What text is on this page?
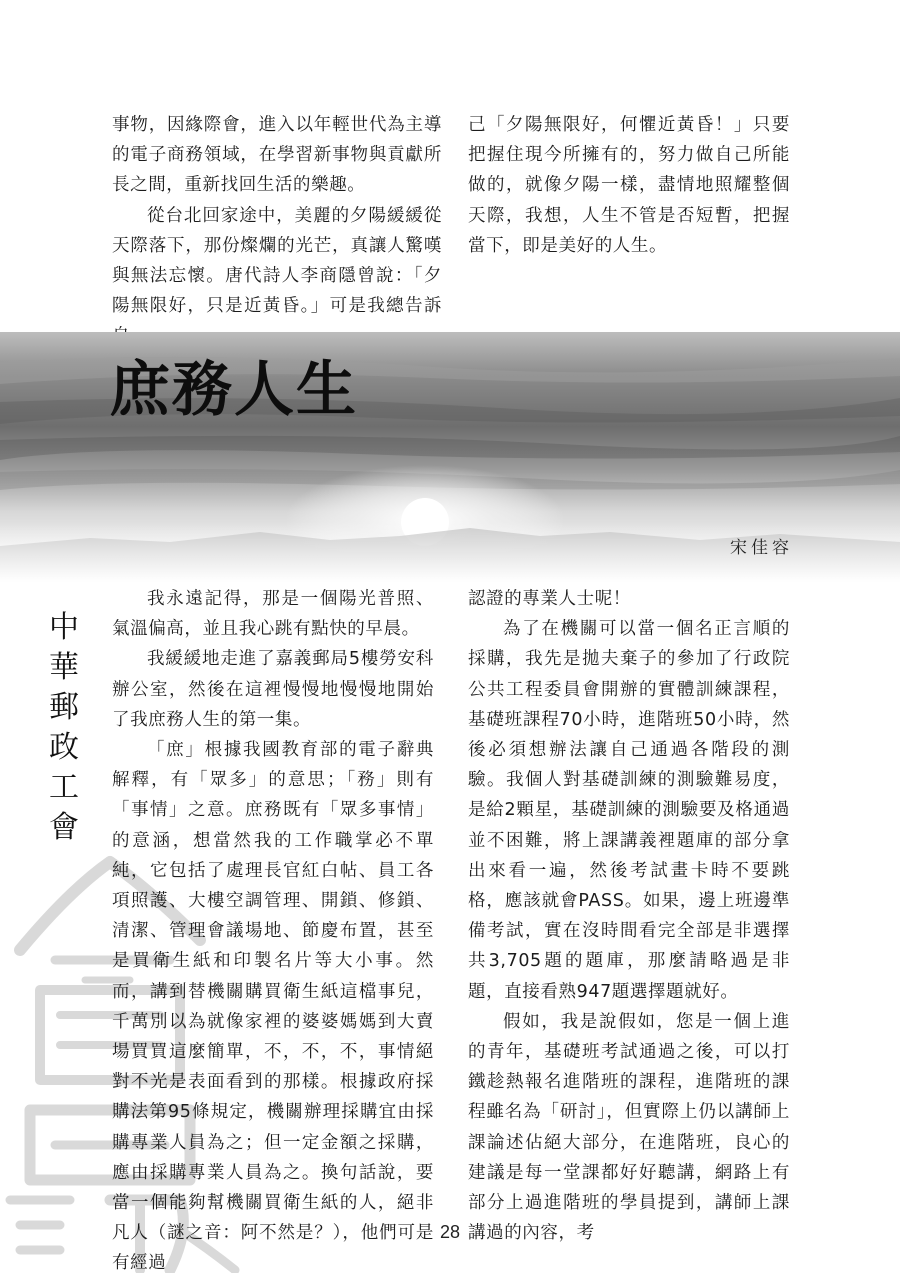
事物，因緣際會，進入以年輕世代為主導的電子商務領域，在學習新事物與貢獻所長之間，重新找回生活的樂趣。

從台北回家途中，美麗的夕陽緩緩從天際落下，那份燦爛的光芒，真讓人驚嘆與無法忘懷。唐代詩人李商隱曾說：「夕陽無限好，只是近黃昏。」可是我總告訴

己「夕陽無限好，何懼近黃昏！」只要把握住現今所擁有的，努力做自己所能做的，就像夕陽一樣，盡情地照耀整個天際，我想，人生不管是否短暫，把握當下，即是美好的人生。

庶務人生
宋佳容
中
華
郵
政
工
會

我永遠記得，那是一個陽光普照、氣溫偏高，並且我心跳有點快的早晨。

我緩緩地走進了嘉義郵局5樓勞安科辦公室，然後在這裡慢慢地慢慢地開始了我庶務人生的第一集。

「庶」根據我國教育部的電子辭典解釋，有「眾多」的意思；「務」則有「事情」之意。庶務既有「眾多事情」的意涵，想當然我的工作職掌必不單純，它包括了處理長官紅白帖、員工各項照護、大樓空調管理、開鎖、修鎖、清潔、管理會議場地、節慶布置，甚至是買衛生紙和印製名片等大小事。然而，講到替機關購買衛生紙這檔事兒，千萬別以為就像家裡的婆婆媽媽到大賣場買買這麼簡單，不，不，不，事情絕對不光是表面看到的那樣。根據政府採購法第95條規定，機關辦理採購宜由採購專業人員為之；但一定金額之採購，應由採購專業人員為之。換句話說，要當一個能夠幫機關買衛生紙的人，絕非凡人（謎之音：阿不然是？），他們可是有經過

認證的專業人士呢！

為了在機關可以當一個名正言順的採購，我先是拋夫棄子的參加了行政院公共工程委員會開辦的實體訓練課程，基礎班課程70小時，進階班50小時，然後必須想辦法讓自己通過各階段的測驗。我個人對基礎訓練的測驗難易度，是給2顆星，基礎訓練的測驗要及格通過並不困難，將上課講義裡題庫的部分拿出來看一遍，然後考試畫卡時不要跳格，應該就會PASS。如果，邊上班邊準備考試，實在沒時間看完全部是非選擇共3,705題的題庫，那麼請略過是非題，直接看熟947題選擇題就好。

假如，我是說假如，您是一個上進的青年，基礎班考試通過之後，可以打鐵趁熱報名進階班的課程，進階班的課程雖名為「研討」，但實際上仍以講師上課論述佔絕大部分，在進階班，良心的建議是每一堂課都好好聽講，網路上有部分上過進階班的學員提到，講師上課講過的內容，考

28
